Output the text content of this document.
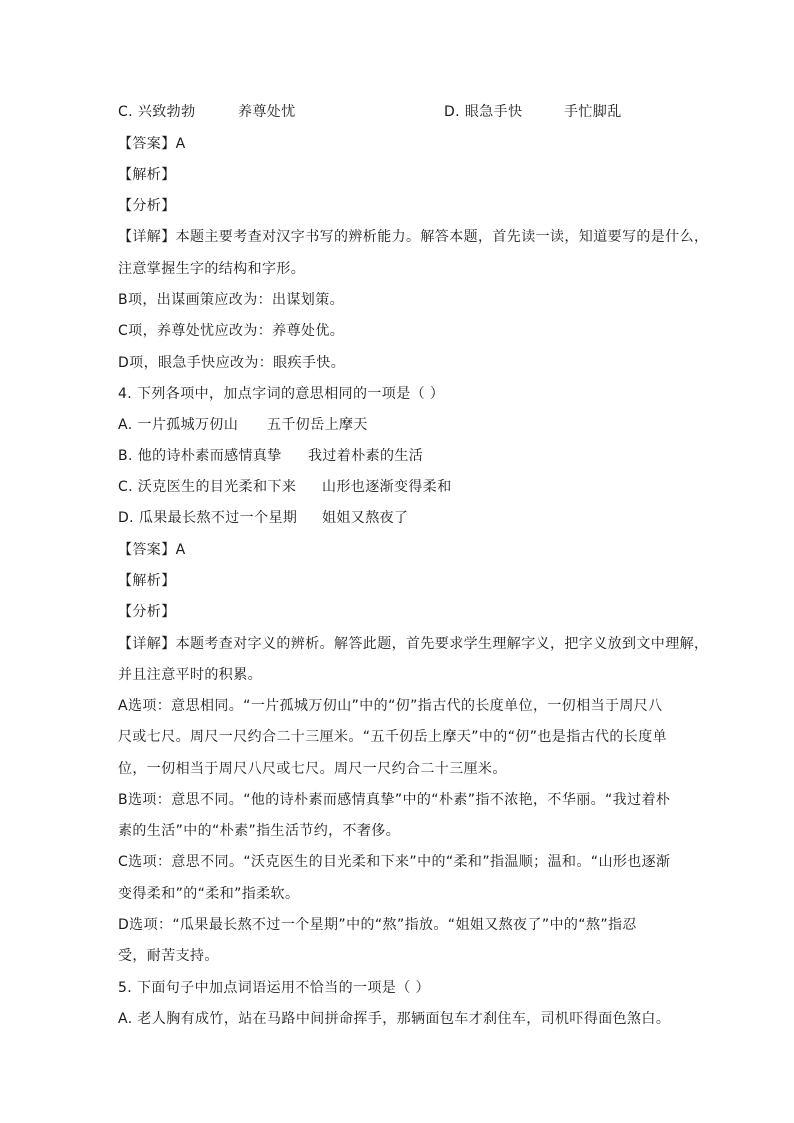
C. 兴致勃勃	养尊处忧	D. 眼急手快	手忙脚乱
【答案】A
【解析】
【分析】
【详解】本题主要考查对汉字书写的辨析能力。解答本题，首先读一读，知道要写的是什么，
注意掌握生字的结构和字形。
B项，出谋画策应改为：出谋划策。
C项，养尊处忧应改为：养尊处优。
D项，眼急手快应改为：眼疾手快。
4. 下列各项中，加点字词的意思相同的一项是（ ）
A. 一片孤城万仞山 五千仞岳上摩天
B. 他的诗朴素而感情真挚 我过着朴素的生活
C. 沃克医生的目光柔和下来 山形也逐渐变得柔和
D. 瓜果最长熬不过一个星期 姐姐又熬夜了
【答案】A
【解析】
【分析】
【详解】本题考查对字义的辨析。解答此题，首先要求学生理解字义，把字义放到文中理解，
并且注意平时的积累。
A选项：意思相同。“一片孤城万仞山”中的“仞”指古代的长度单位，一仞相当于周尺八
尺或七尺。周尺一尺约合二十三厘米。“五千仞岳上摩天”中的“仞”也是指古代的长度单
位，一仞相当于周尺八尺或七尺。周尺一尺约合二十三厘米。
B选项：意思不同。“他的诗朴素而感情真挚”中的“朴素”指不浓艳，不华丽。“我过着朴
素的生活”中的“朴素”指生活节约，不奢侈。
C选项：意思不同。“沃克医生的目光柔和下来”中的“柔和”指温顺；温和。“山形也逐渐
变得柔和”的“柔和”指柔软。
D选项：“瓜果最长熬不过一个星期”中的“熬”指放。“姐姐又熬夜了”中的“熬”指忍
受，耐苦支持。
5. 下面句子中加点词语运用不恰当的一项是（ ）
A. 老人胸有成竹，站在马路中间拼命挥手，那辆面包车才刹住车，司机吓得面色煞白。
